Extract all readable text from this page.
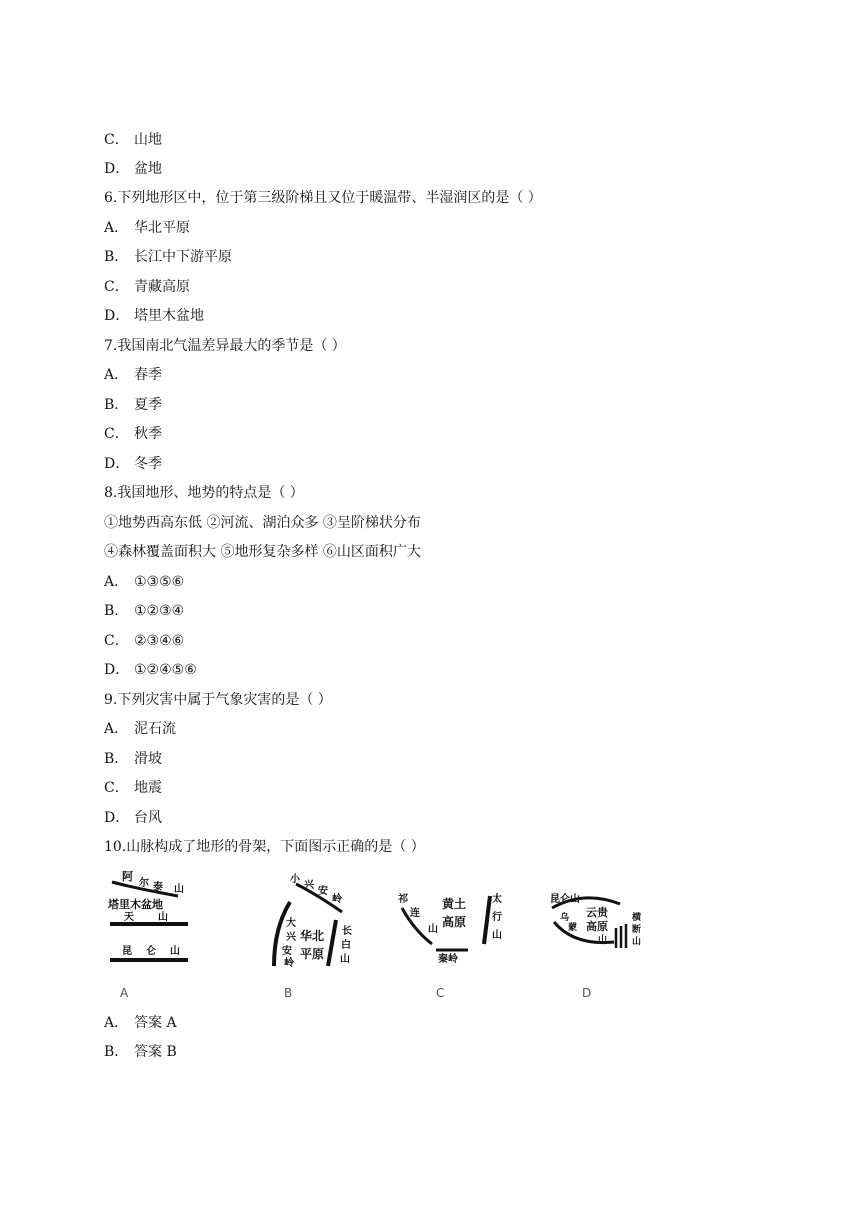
C． 山地
D． 盆地
6.下列地形区中，位于第三级阶梯且又位于暖温带、半湿润区的是（ ）
A． 华北平原
B． 长江中下游平原
C． 青藏高原
D． 塔里木盆地
7.我国南北气温差异最大的季节是（ ）
A． 春季
B． 夏季
C． 秋季
D． 冬季
8.我国地形、地势的特点是（ ）
①地势西高东低 ②河流、湖泊众多 ③呈阶梯状分布
④森林覆盖面积大 ⑤地形复杂多样 ⑥山区面积广大
A． ①③⑤⑥
B． ①②③④
C． ②③④⑥
D． ①②④⑤⑥
9.下列灾害中属于气象灾害的是（ ）
A． 泥石流
B． 滑坡
C． 地震
D． 台风
10.山脉构成了地形的骨架，下面图示正确的是（ ）
阿
尔 泰 山
塔里木盆地
天 山
昆 仑 山
A
小
兴
安
岭
大
兴
安
岭
华北
平原
长
白
山
B
祁
连
山
黄土
高原
太
行
山
秦岭
C
昆仑山
云贵
高原
乌
蒙
山
横
断
山
D
A． 答案 A
B． 答案 B
